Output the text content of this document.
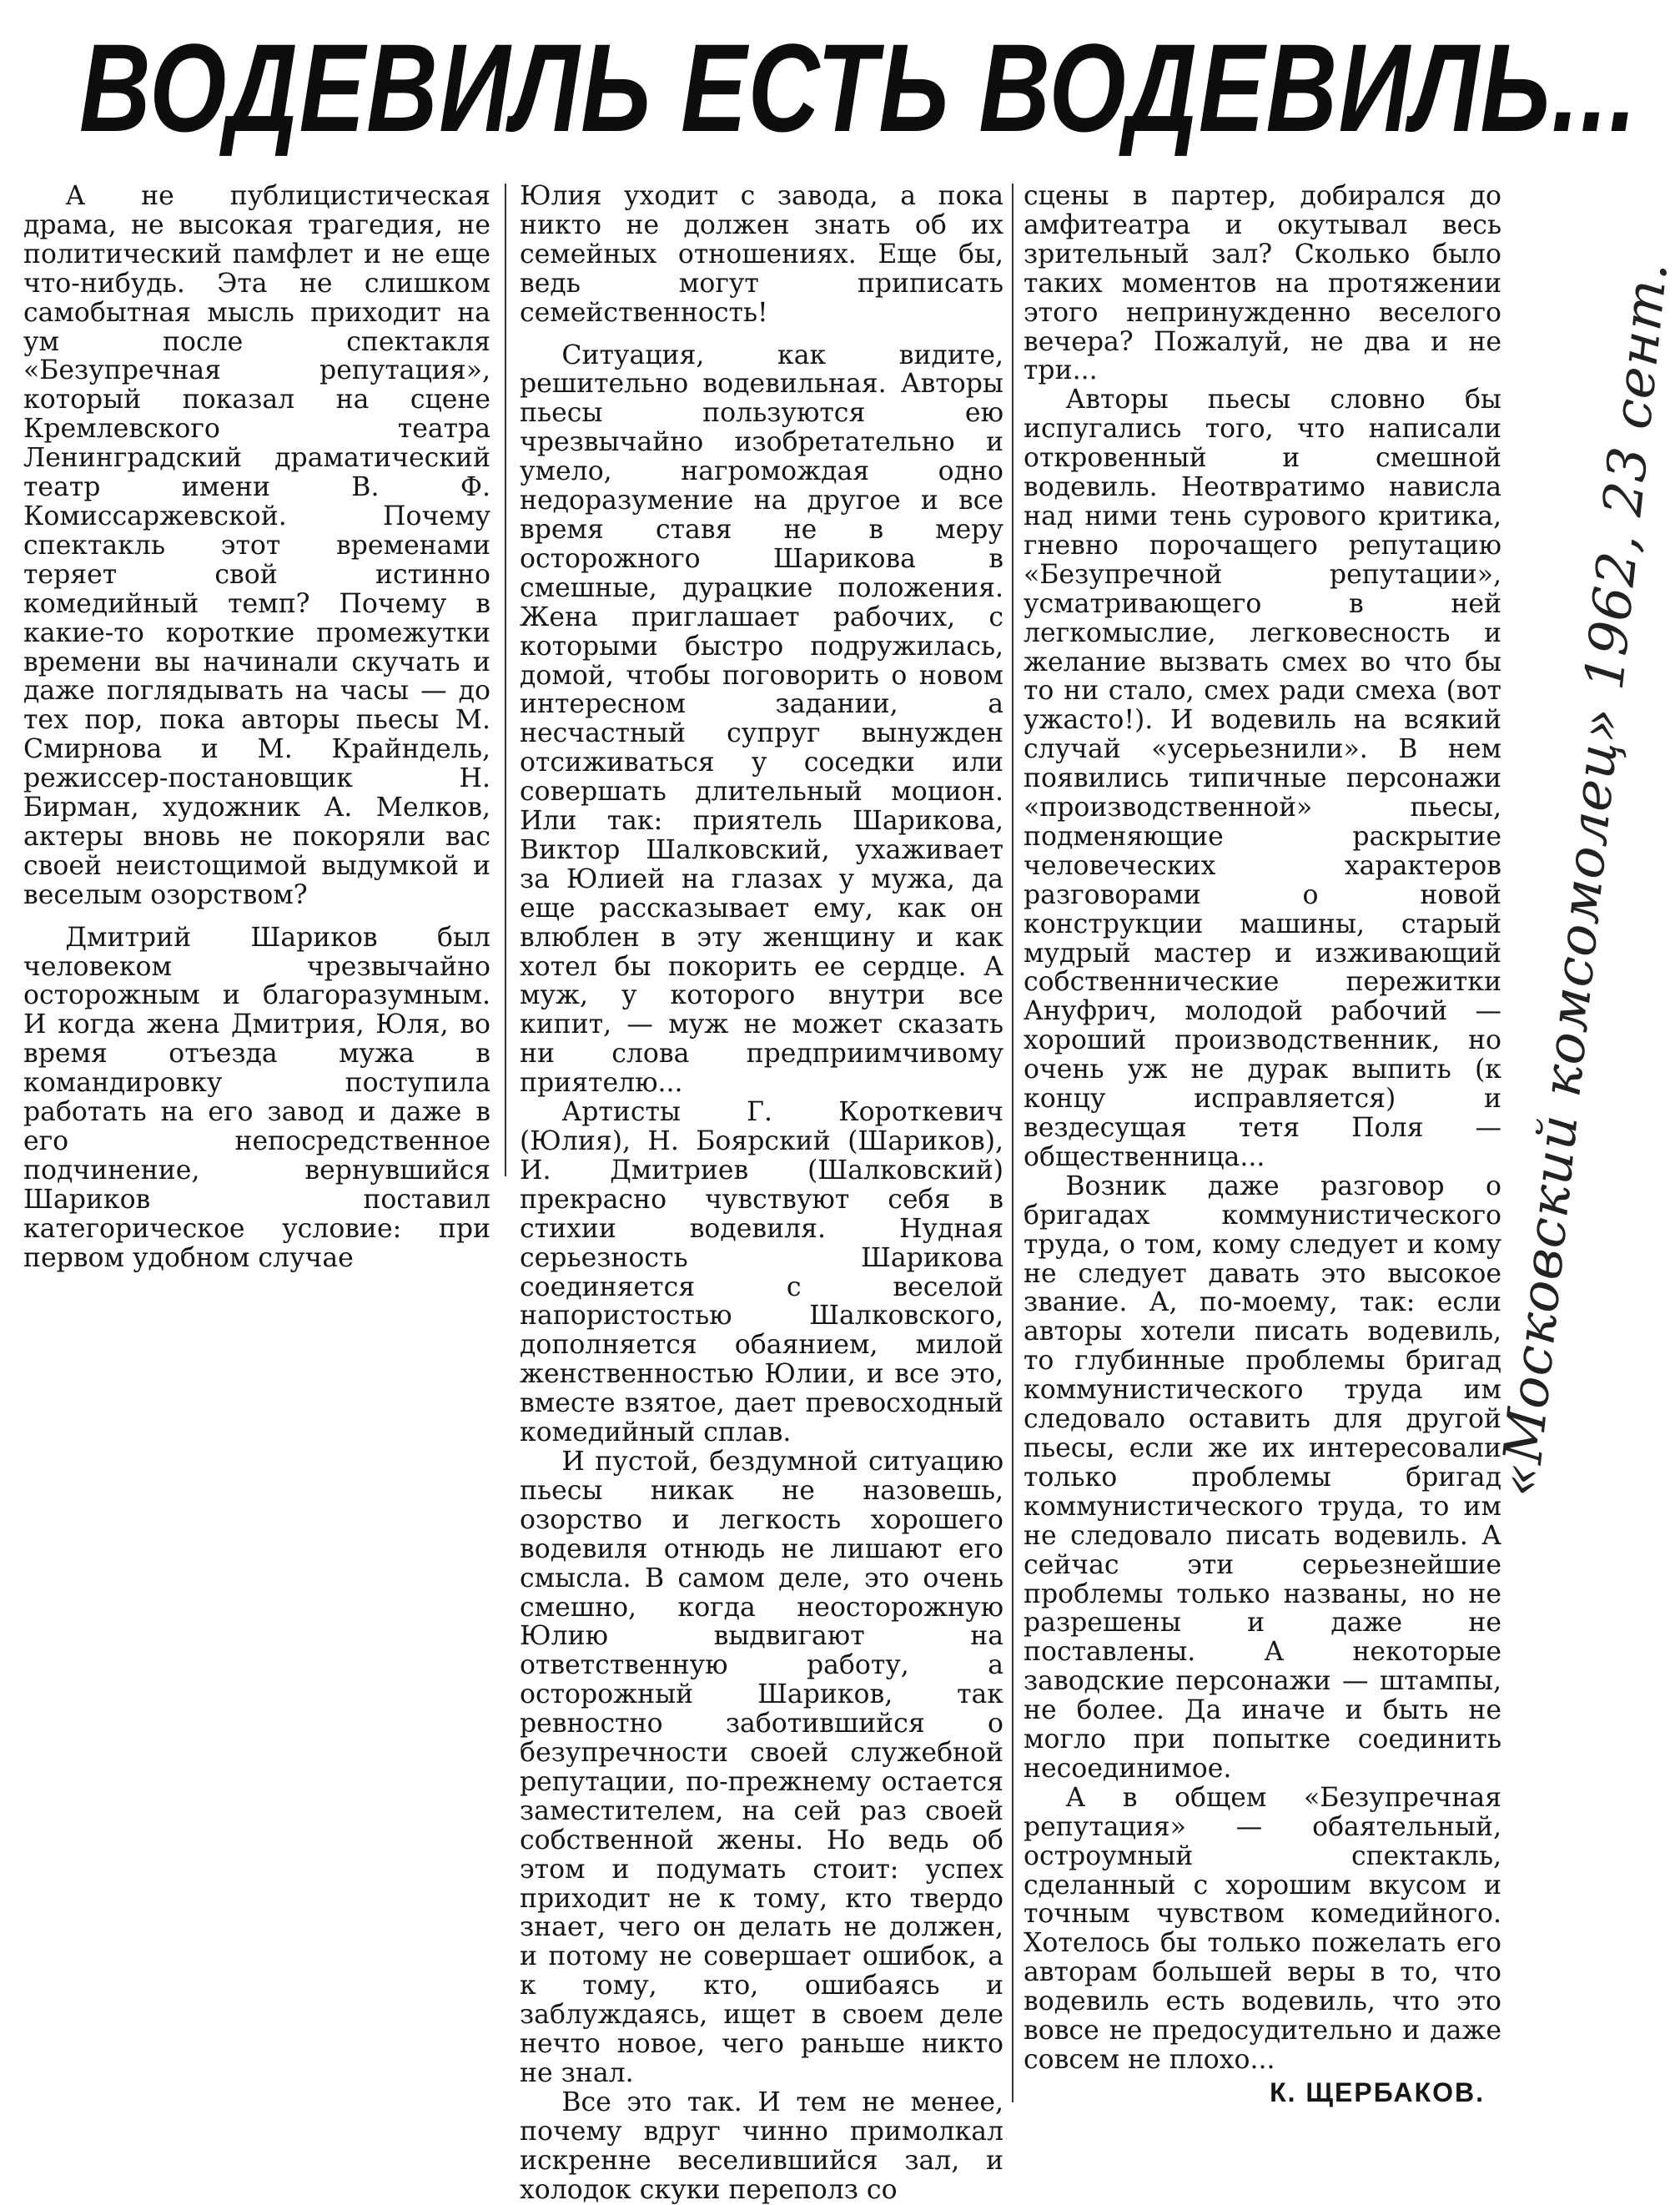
ВОДЕВИЛЬ ЕСТЬ ВОДЕВИЛЬ...

А не публицистическая драма, не высокая трагедия, не политический памфлет и не еще что-нибудь. Эта не слишком самобытная мысль приходит на ум после спектакля «Безупречная репутация», который показал на сцене Кремлевского театра Ленинградский драматический театр имени В. Ф. Комиссаржевской. Почему спектакль этот временами теряет свой истинно комедийный темп? Почему в какие-то короткие промежутки времени вы начинали скучать и даже поглядывать на часы — до тех пор, пока авторы пьесы М. Смирнова и М. Крайндель, режиссер-постановщик Н. Бирман, художник А. Мелков, актеры вновь не покоряли вас своей неистощимой выдумкой и веселым озорством?

Дмитрий Шариков был человеком чрезвычайно осторожным и благоразумным. И когда жена Дмитрия, Юля, во время отъезда мужа в командировку поступила работать на его завод и даже в его непосредственное подчинение, вернувшийся Шариков поставил категорическое условие: при первом удобном случае

Юлия уходит с завода, а пока никто не должен знать об их семейных отношениях. Еще бы, ведь могут приписать семейственность!

Ситуация, как видите, решительно водевильная. Авторы пьесы пользуются ею чрезвычайно изобретательно и умело, нагромождая одно недоразумение на другое и все время ставя не в меру осторожного Шарикова в смешные, дурацкие положения. Жена приглашает рабочих, с которыми быстро подружилась, домой, чтобы поговорить о новом интересном задании, а несчастный супруг вынужден отсиживаться у соседки или совершать длительный моцион. Или так: приятель Шарикова, Виктор Шалковский, ухаживает за Юлией на глазах у мужа, да еще рассказывает ему, как он влюблен в эту женщину и как хотел бы покорить ее сердце. А муж, у которого внутри все кипит, — муж не может сказать ни слова предприимчивому приятелю...

Артисты Г. Короткевич (Юлия), Н. Боярский (Шариков), И. Дмитриев (Шалковский) прекрасно чувствуют себя в стихии водевиля. Нудная серьезность Шарикова соединяется с веселой напористостью Шалковского, дополняется обаянием, милой женственностью Юлии, и все это, вместе взятое, дает превосходный комедийный сплав.

И пустой, бездумной ситуацию пьесы никак не назовешь, озорство и легкость хорошего водевиля отнюдь не лишают его смысла. В самом деле, это очень смешно, когда неосторожную Юлию выдвигают на ответственную работу, а осторожный Шариков, так ревностно заботившийся о безупречности своей служебной репутации, по-прежнему остается заместителем, на сей раз своей собственной жены. Но ведь об этом и подумать стоит: успех приходит не к тому, кто твердо знает, чего он делать не должен, и потому не совершает ошибок, а к тому, кто, ошибаясь и заблуждаясь, ищет в своем деле нечто новое, чего раньше никто не знал.

Все это так. И тем не менее, почему вдруг чинно примолкал искренне веселившийся зал, и холодок скуки переполз со

сцены в партер, добирался до амфитеатра и окутывал весь зрительный зал? Сколько было таких моментов на протяжении этого непринужденно веселого вечера? Пожалуй, не два и не три...

Авторы пьесы словно бы испугались того, что написали откровенный и смешной водевиль. Неотвратимо нависла над ними тень сурового критика, гневно порочащего репутацию «Безупречной репутации», усматривающего в ней легкомыслие, легковесность и желание вызвать смех во что бы то ни стало, смех ради смеха (вот ужасто!). И водевиль на всякий случай «усерьезнили». В нем появились типичные персонажи «производственной» пьесы, подменяющие раскрытие человеческих характеров разговорами о новой конструкции машины, старый мудрый мастер и изживающий собственнические пережитки Ануфрич, молодой рабочий — хороший производственник, но очень уж не дурак выпить (к концу исправляется) и вездесущая тетя Поля — общественница...

Возник даже разговор о бригадах коммунистического труда, о том, кому следует и кому не следует давать это высокое звание. А, по-моему, так: если авторы хотели писать водевиль, то глубинные проблемы бригад коммунистического труда им следовало оставить для другой пьесы, если же их интересовали только проблемы бригад коммунистического труда, то им не следовало писать водевиль. А сейчас эти серьезнейшие проблемы только названы, но не разрешены и даже не поставлены. А некоторые заводские персонажи — штампы, не более. Да иначе и быть не могло при попытке соединить несоединимое.

А в общем «Безупречная репутация» — обаятельный, остроумный спектакль, сделанный с хорошим вкусом и точным чувством комедийного. Хотелось бы только пожелать его авторам большей веры в то, что водевиль есть водевиль, что это вовсе не предосудительно и даже совсем не плохо...

К. ЩЕРБАКОВ.
«Московский комсомолец» 1962, 23 сент.
